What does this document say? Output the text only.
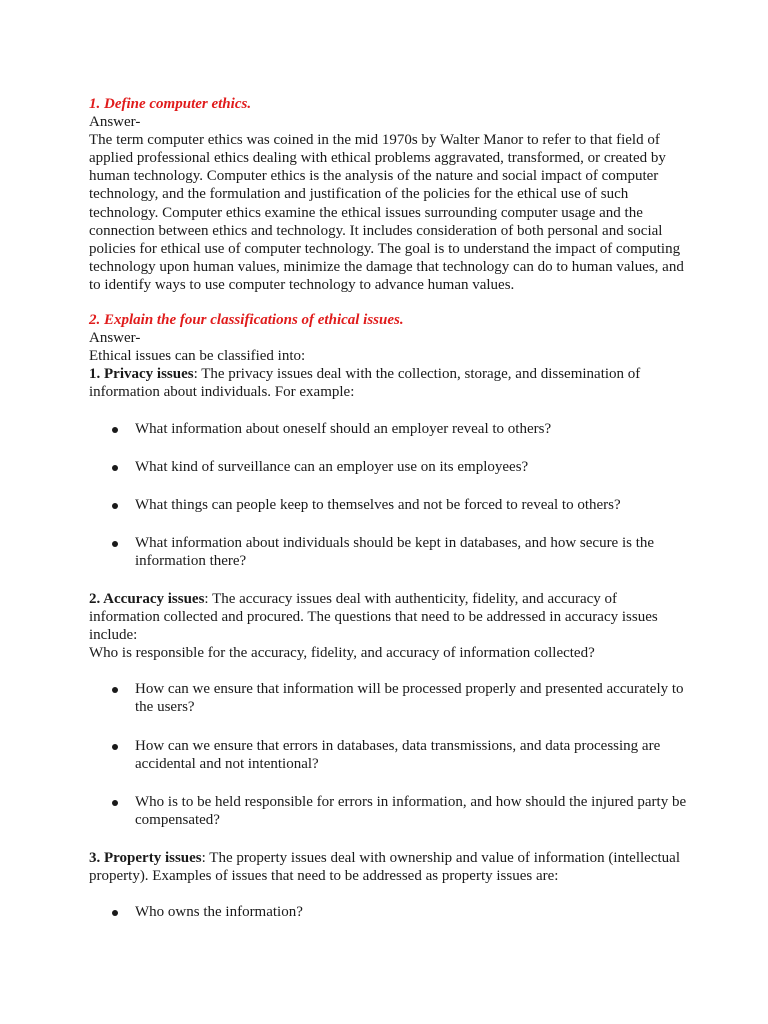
1. Define computer ethics.

Answer-

The term computer ethics was coined in the mid 1970s by Walter Manor to refer to that field of applied professional ethics dealing with ethical problems aggravated, transformed, or created by human technology. Computer ethics is the analysis of the nature and social impact of computer technology, and the formulation and justification of the policies for the ethical use of such technology. Computer ethics examine the ethical issues surrounding computer usage and the connection between ethics and technology. It includes consideration of both personal and social policies for ethical use of computer technology. The goal is to understand the impact of computing technology upon human values, minimize the damage that technology can do to human values, and to identify ways to use computer technology to advance human values.

2. Explain the four classifications of ethical issues.

Answer-

Ethical issues can be classified into:

1. Privacy issues: The privacy issues deal with the collection, storage, and dissemination of information about individuals. For example:

What information about oneself should an employer reveal to others?
What kind of surveillance can an employer use on its employees?
What things can people keep to themselves and not be forced to reveal to others?
What information about individuals should be kept in databases, and how secure is the information there?

2. Accuracy issues: The accuracy issues deal with authenticity, fidelity, and accuracy of information collected and procured. The questions that need to be addressed in accuracy issues include:

Who is responsible for the accuracy, fidelity, and accuracy of information collected?

How can we ensure that information will be processed properly and presented accurately to the users?
How can we ensure that errors in databases, data transmissions, and data processing are accidental and not intentional?
Who is to be held responsible for errors in information, and how should the injured party be compensated?

3. Property issues: The property issues deal with ownership and value of information (intellectual property). Examples of issues that need to be addressed as property issues are:

Who owns the information?
